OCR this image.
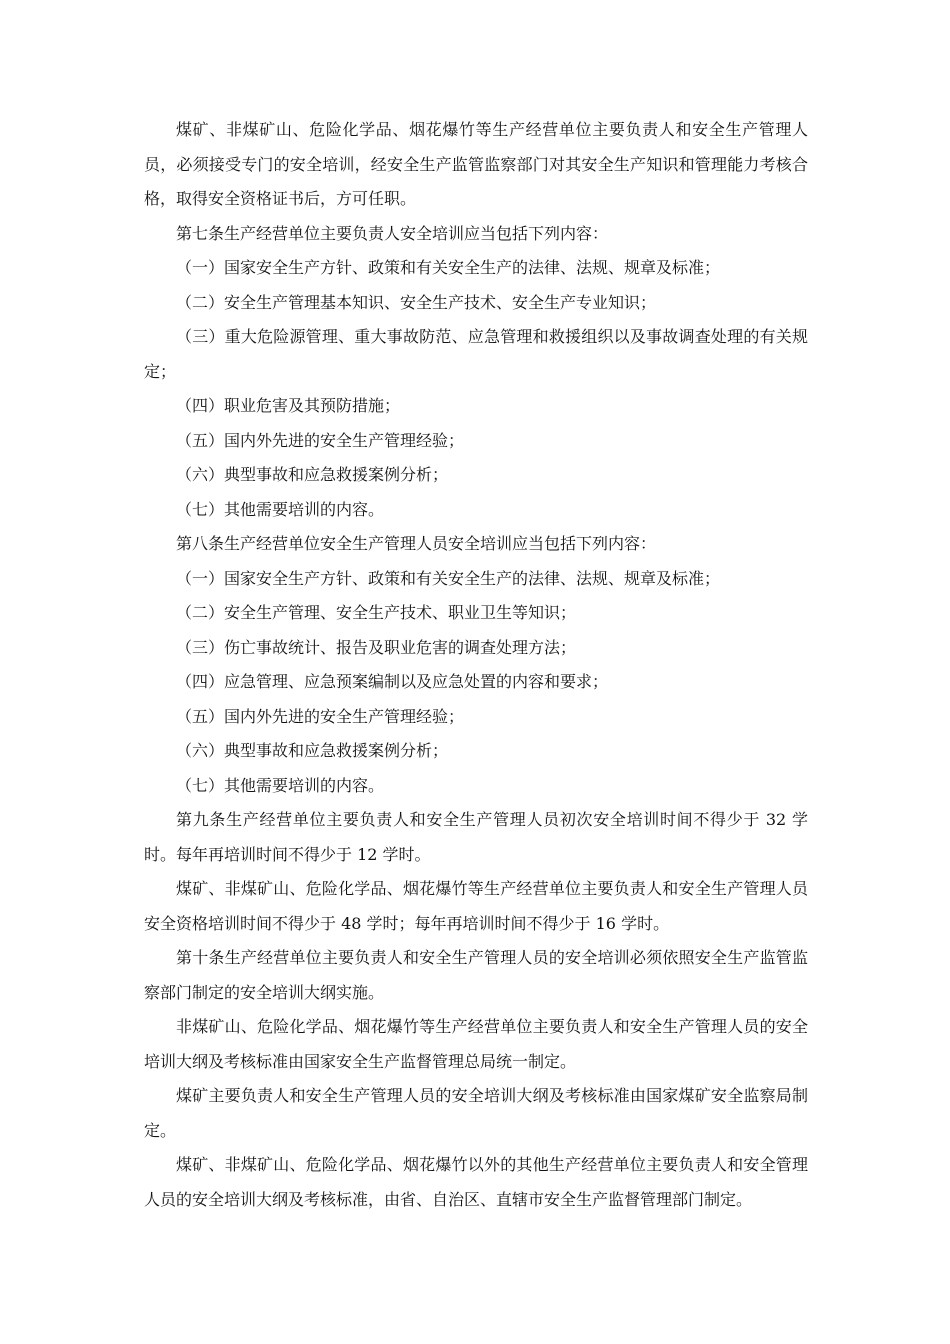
煤矿、非煤矿山、危险化学品、烟花爆竹等生产经营单位主要负责人和安全生产管理人员，必须接受专门的安全培训，经安全生产监管监察部门对其安全生产知识和管理能力考核合格，取得安全资格证书后，方可任职。

第七条生产经营单位主要负责人安全培训应当包括下列内容：

（一）国家安全生产方针、政策和有关安全生产的法律、法规、规章及标准；

（二）安全生产管理基本知识、安全生产技术、安全生产专业知识；

（三）重大危险源管理、重大事故防范、应急管理和救援组织以及事故调查处理的有关规定；

（四）职业危害及其预防措施；

（五）国内外先进的安全生产管理经验；

（六）典型事故和应急救援案例分析；

（七）其他需要培训的内容。

第八条生产经营单位安全生产管理人员安全培训应当包括下列内容：

（一）国家安全生产方针、政策和有关安全生产的法律、法规、规章及标准；

（二）安全生产管理、安全生产技术、职业卫生等知识；

（三）伤亡事故统计、报告及职业危害的调查处理方法；

（四）应急管理、应急预案编制以及应急处置的内容和要求；

（五）国内外先进的安全生产管理经验；

（六）典型事故和应急救援案例分析；

（七）其他需要培训的内容。

第九条生产经营单位主要负责人和安全生产管理人员初次安全培训时间不得少于 32 学时。每年再培训时间不得少于 12 学时。

煤矿、非煤矿山、危险化学品、烟花爆竹等生产经营单位主要负责人和安全生产管理人员安全资格培训时间不得少于 48 学时；每年再培训时间不得少于 16 学时。

第十条生产经营单位主要负责人和安全生产管理人员的安全培训必须依照安全生产监管监察部门制定的安全培训大纲实施。

非煤矿山、危险化学品、烟花爆竹等生产经营单位主要负责人和安全生产管理人员的安全培训大纲及考核标准由国家安全生产监督管理总局统一制定。

煤矿主要负责人和安全生产管理人员的安全培训大纲及考核标准由国家煤矿安全监察局制定。

煤矿、非煤矿山、危险化学品、烟花爆竹以外的其他生产经营单位主要负责人和安全管理人员的安全培训大纲及考核标准，由省、自治区、直辖市安全生产监督管理部门制定。
